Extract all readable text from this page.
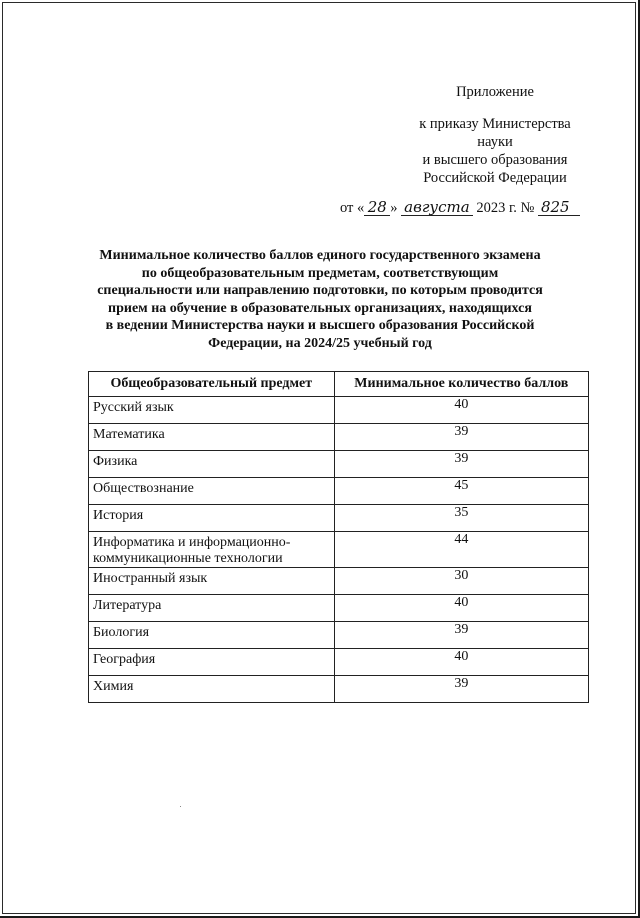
Приложение
к приказу Министерства науки
и высшего образования
Российской Федерации
от « 28 » августа 2023 г. № 825
Минимальное количество баллов единого государственного экзамена
по общеобразовательным предметам, соответствующим
специальности или направлению подготовки, по которым проводится
прием на обучение в образовательных организациях, находящихся
в ведении Министерства науки и высшего образования Российской
Федерации, на 2024/25 учебный год
Общеобразовательный предмет	Минимальное количество баллов
Русский язык	40
Математика	39
Физика	39
Обществознание	45
История	35
Информатика и информационно-коммуникационные технологии	44
Иностранный язык	30
Литература	40
Биология	39
География	40
Химия	39
